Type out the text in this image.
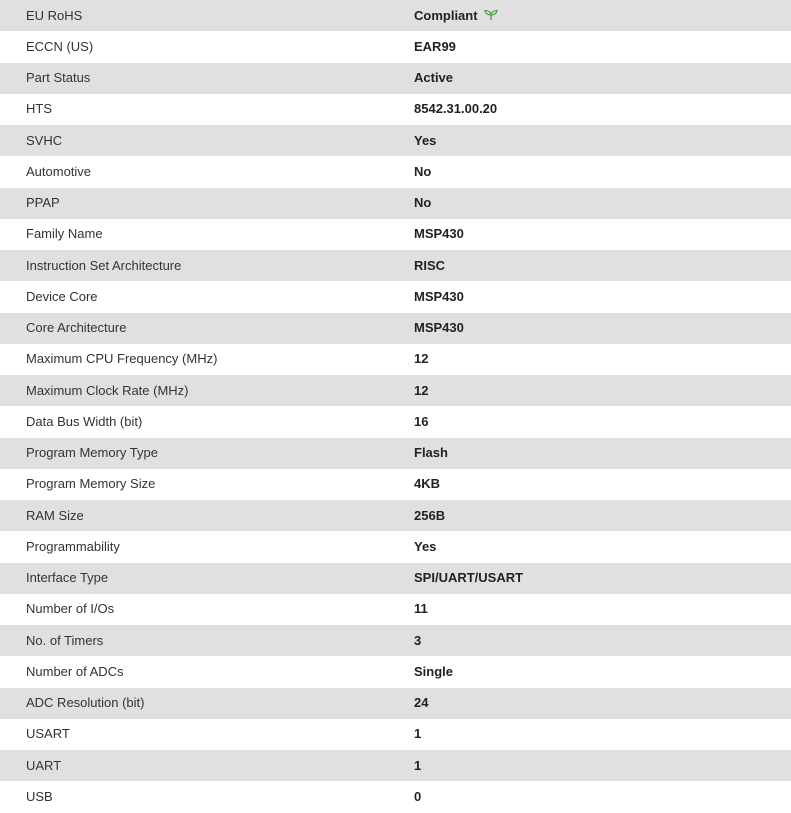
EU RoHS	Compliant
ECCN (US)	EAR99
Part Status	Active
HTS	8542.31.00.20
SVHC	Yes
Automotive	No
PPAP	No
Family Name	MSP430
Instruction Set Architecture	RISC
Device Core	MSP430
Core Architecture	MSP430
Maximum CPU Frequency (MHz)	12
Maximum Clock Rate (MHz)	12
Data Bus Width (bit)	16
Program Memory Type	Flash
Program Memory Size	4KB
RAM Size	256B
Programmability	Yes
Interface Type	SPI/UART/USART
Number of I/Os	11
No. of Timers	3
Number of ADCs	Single
ADC Resolution (bit)	24
USART	1
UART	1
USB	0
